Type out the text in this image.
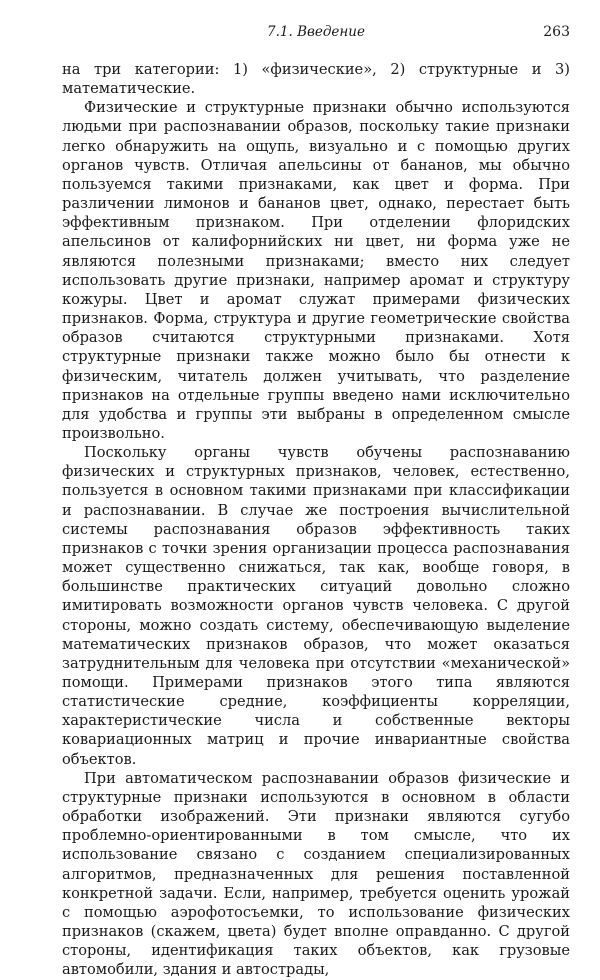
7.1. Введение	263

на три категории: 1) «физические», 2) структурные и 3) математические.

Физические и структурные признаки обычно используются людьми при распознавании образов, поскольку такие признаки легко обнаружить на ощупь, визуально и с помощью других органов чувств. Отличая апельсины от бананов, мы обычно пользуемся такими признаками, как цвет и форма. При различении лимонов и бананов цвет, однако, перестает быть эффективным признаком. При отделении флоридских апельсинов от калифорнийских ни цвет, ни форма уже не являются полезными признаками; вместо них следует использовать другие признаки, например аромат и структуру кожуры. Цвет и аромат служат примерами физических признаков. Форма, структура и другие геометрические свойства образов считаются структурными признаками. Хотя структурные признаки также можно было бы отнести к физическим, читатель должен учитывать, что разделение признаков на отдельные группы введено нами исключительно для удобства и группы эти выбраны в определенном смысле произвольно.

Поскольку органы чувств обучены распознаванию физических и структурных признаков, человек, естественно, пользуется в основном такими признаками при классификации и распознавании. В случае же построения вычислительной системы распознавания образов эффективность таких признаков с точки зрения организации процесса распознавания может существенно снижаться, так как, вообще говоря, в большинстве практических ситуаций довольно сложно имитировать возможности органов чувств человека. С другой стороны, можно создать систему, обеспечивающую выделение математических признаков образов, что может оказаться затруднительным для человека при отсутствии «механической» помощи. Примерами признаков этого типа являются статистические средние, коэффициенты корреляции, характеристические числа и собственные векторы ковариационных матриц и прочие инвариантные свойства объектов.

При автоматическом распознавании образов физические и структурные признаки используются в основном в области обработки изображений. Эти признаки являются сугубо проблемно-ориентированными в том смысле, что их использование связано с созданием специализированных алгоритмов, предназначенных для решения поставленной конкретной задачи. Если, например, требуется оценить урожай с помощью аэрофотосъемки, то использование физических признаков (скажем, цвета) будет вполне оправданно. С другой стороны, идентификация таких объектов, как грузовые автомобили, здания и автострады,
